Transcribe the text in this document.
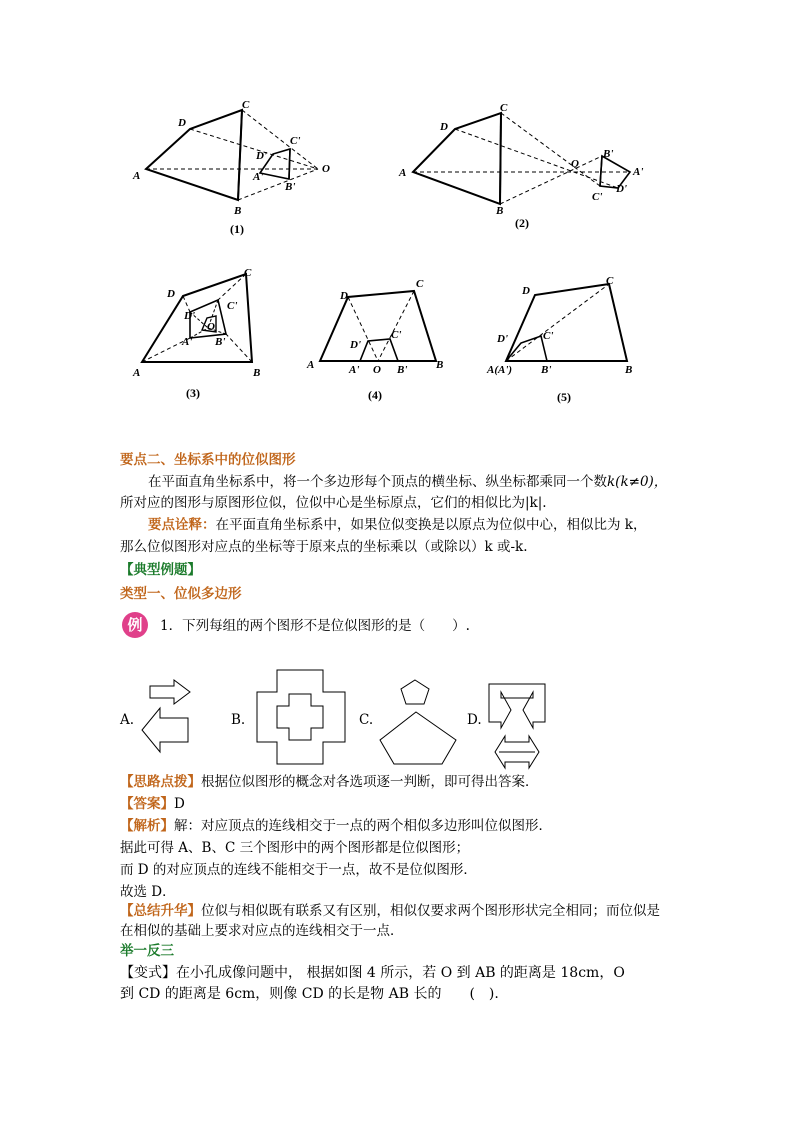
A
B
C
D
A'
B'
C'
D'
O
(1)
A
B
C
D
O
A'
B'
C'
D'
(2)
A	B
C
D
D'
C'
O
A' B'
(3)
A	B
C
D
D'
C'
A' O B'
(4)
A(A')	B
C
D
D'	C'
B'
(5)
要点二、坐标系中的位似图形
在平面直角坐标系中，将一个多边形每个顶点的横坐标、纵坐标都乘同一个数k(k≠0)，
所对应的图形与原图形位似，位似中心是坐标原点，它们的相似比为|k|.
要点诠释：在平面直角坐标系中，如果位似变换是以原点为位似中心，相似比为 k，
那么位似图形对应点的坐标等于原来点的坐标乘以（或除以）k 或-k.
【典型例题】
类型一、位似多边形
例	1．下列每组的两个图形不是位似图形的是（　　）.
A.	B.	C.	D.
【思路点拨】根据位似图形的概念对各选项逐一判断，即可得出答案．
【答案】D
【解析】解：对应顶点的连线相交于一点的两个相似多边形叫位似图形．
据此可得 A、B、C 三个图形中的两个图形都是位似图形；
而 D 的对应顶点的连线不能相交于一点，故不是位似图形．
故选 D．
【总结升华】位似与相似既有联系又有区别，相似仅要求两个图形形状完全相同；而位似是
在相似的基础上要求对应点的连线相交于一点．
举一反三
【变式】在小孔成像问题中， 根据如图 4 所示，若 O 到 AB 的距离是 18cm，O
到 CD 的距离是 6cm，则像 CD 的长是物 AB 长的　　(　).
